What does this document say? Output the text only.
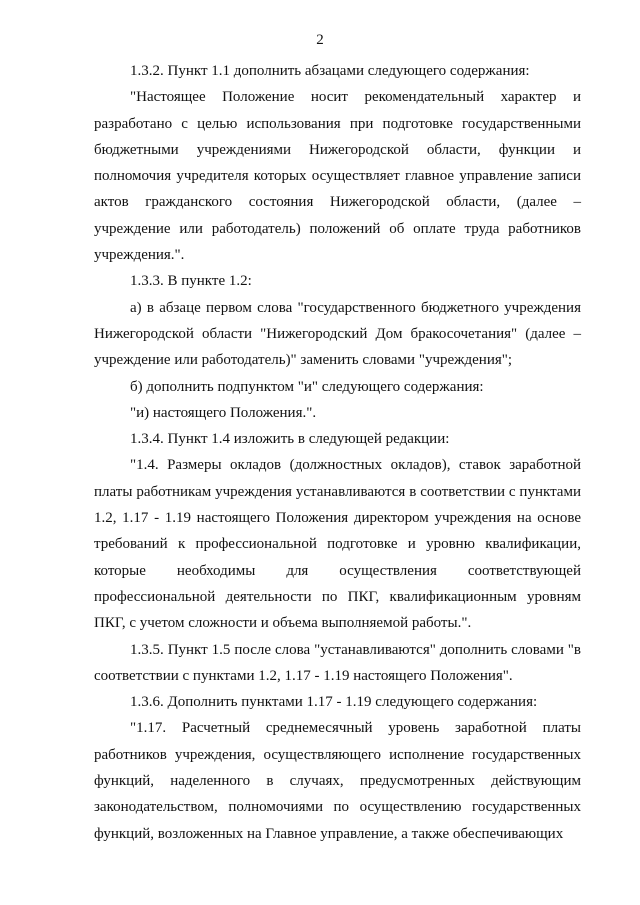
2

1.3.2. Пункт 1.1 дополнить абзацами следующего содержания:

"Настоящее Положение носит рекомендательный характер и разработано с целью использования при подготовке государственными бюджетными учреждениями Нижегородской области, функции и полномочия учредителя которых осуществляет главное управление записи актов гражданского состояния Нижегородской области, (далее – учреждение или работодатель) положений об оплате труда работников учреждения.".

1.3.3. В пункте 1.2:

а) в абзаце первом слова "государственного бюджетного учреждения Нижегородской области "Нижегородский Дом бракосочетания" (далее – учреждение или работодатель)" заменить словами "учреждения";

б) дополнить подпунктом "и" следующего содержания:

"и) настоящего Положения.".

1.3.4. Пункт 1.4 изложить в следующей редакции:

"1.4. Размеры окладов (должностных окладов), ставок заработной платы работникам учреждения устанавливаются в соответствии с пунктами 1.2, 1.17 - 1.19 настоящего Положения директором учреждения на основе требований к профессиональной подготовке и уровню квалификации, которые необходимы для осуществления соответствующей профессиональной деятельности по ПКГ, квалификационным уровням ПКГ, с учетом сложности и объема выполняемой работы.".

1.3.5. Пункт 1.5 после слова "устанавливаются" дополнить словами "в соответствии с пунктами 1.2, 1.17 - 1.19 настоящего Положения".

1.3.6. Дополнить пунктами 1.17 - 1.19 следующего содержания:

"1.17. Расчетный среднемесячный уровень заработной платы работников учреждения, осуществляющего исполнение государственных функций, наделенного в случаях, предусмотренных действующим законодательством, полномочиями по осуществлению государственных функций, возложенных на Главное управление, а также обеспечивающих
